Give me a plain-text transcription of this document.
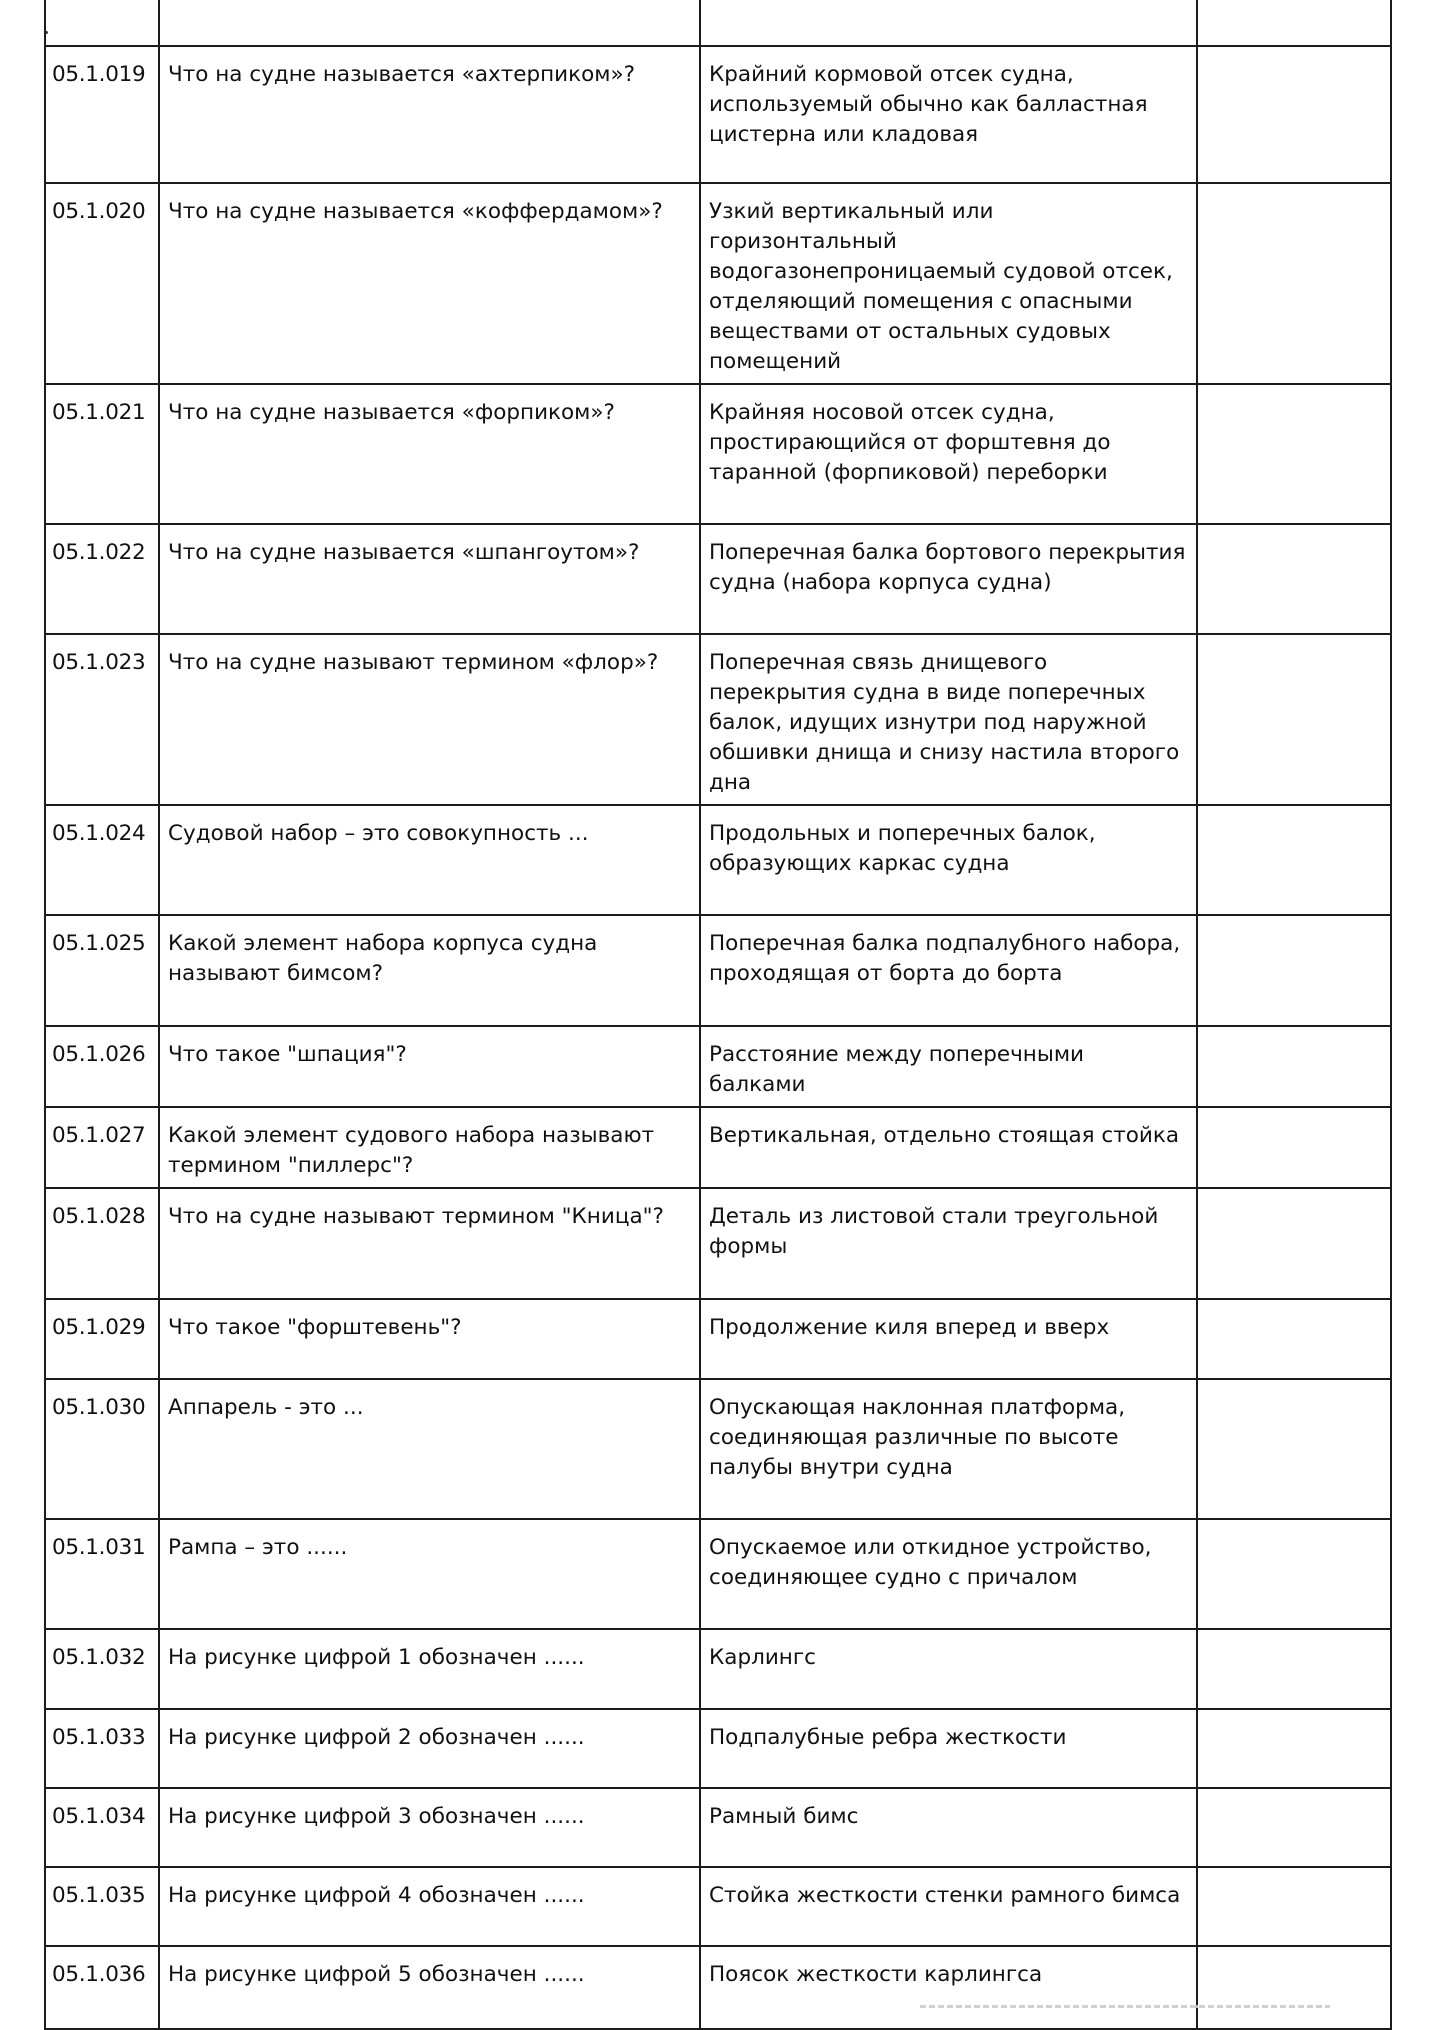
05.1.019	Что на судне называется «ахтерпиком»?	Крайний кормовой отсек судна, используемый обычно как балластная цистерна или кладовая	
05.1.020	Что на судне называется «коффердамом»?	Узкий вертикальный или горизонтальный водогазонепроницаемый судовой отсек, отделяющий помещения с опасными веществами от остальных судовых помещений	
05.1.021	Что на судне называется «форпиком»?	Крайняя носовой отсек судна, простирающийся от форштевня до таранной (форпиковой) переборки	
05.1.022	Что на судне называется «шпангоутом»?	Поперечная балка бортового перекрытия судна (набора корпуса судна)	
05.1.023	Что на судне называют термином «флор»?	Поперечная связь днищевого перекрытия судна в виде поперечных балок, идущих изнутри под наружной обшивки днища и снизу настила второго дна	
05.1.024	Судовой набор – это совокупность ...	Продольных и поперечных балок, образующих каркас судна	
05.1.025	Какой элемент набора корпуса судна называют бимсом?	Поперечная балка подпалубного набора, проходящая от борта до борта	
05.1.026	Что такое "шпация"?	Расстояние между поперечными балками	
05.1.027	Какой элемент судового набора называют термином "пиллерс"?	Вертикальная, отдельно стоящая стойка	
05.1.028	Что на судне называют термином "Кница"?	Деталь из листовой стали треугольной формы	
05.1.029	Что такое "форштевень"?	Продолжение киля вперед и вверх	
05.1.030	Аппарель - это ...	Опускающая наклонная платформа, соединяющая различные по высоте палубы внутри судна	
05.1.031	Рампа – это ......	Опускаемое или откидное устройство, соединяющее судно с причалом	
05.1.032	На рисунке цифрой 1 обозначен ......	Карлингс	
05.1.033	На рисунке цифрой 2 обозначен ......	Подпалубные ребра жесткости	
05.1.034	На рисунке цифрой 3 обозначен ......	Рамный бимс	
05.1.035	На рисунке цифрой 4 обозначен ......	Стойка жесткости стенки рамного бимса	
05.1.036	На рисунке цифрой 5 обозначен ......	Поясок жесткости карлингса	
